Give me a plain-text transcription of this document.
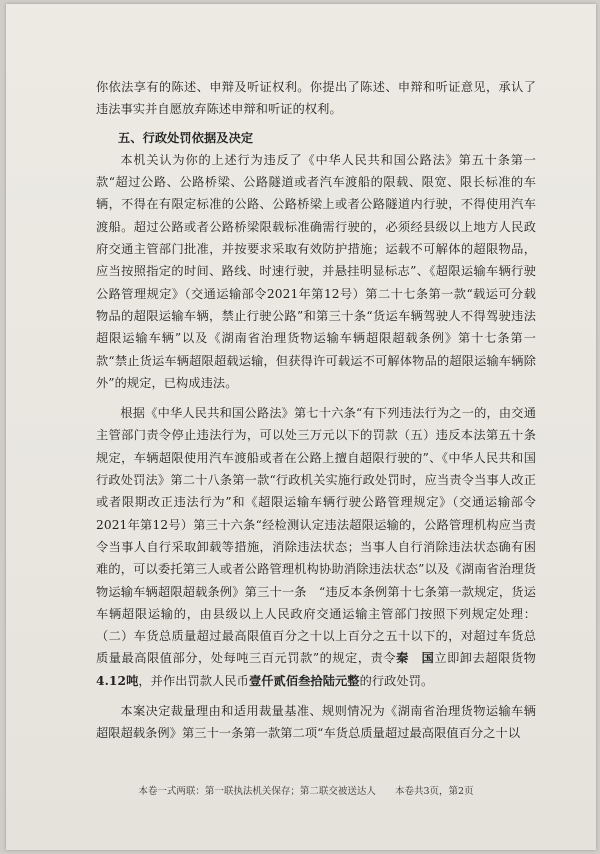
你依法享有的陈述、申辩及听证权利。你提出了陈述、申辩和听证意见，承认了违法事实并自愿放弃陈述申辩和听证的权利。

五、行政处罚依据及决定

本机关认为你的上述行为违反了《中华人民共和国公路法》第五十条第一款“超过公路、公路桥梁、公路隧道或者汽车渡船的限载、限宽、限长标准的车辆，不得在有限定标准的公路、公路桥梁上或者公路隧道内行驶，不得使用汽车渡船。超过公路或者公路桥梁限载标准确需行驶的，必须经县级以上地方人民政府交通主管部门批准，并按要求采取有效防护措施；运载不可解体的超限物品，应当按照指定的时间、路线、时速行驶，并悬挂明显标志”、《超限运输车辆行驶公路管理规定》（交通运输部令2021年第12号）第二十七条第一款“载运可分载物品的超限运输车辆，禁止行驶公路”和第三十条“货运车辆驾驶人不得驾驶违法超限运输车辆”以及《湖南省治理货物运输车辆超限超载条例》第十七条第一款“禁止货运车辆超限超载运输，但获得许可载运不可解体物品的超限运输车辆除外”的规定，已构成违法。

根据《中华人民共和国公路法》第七十六条“有下列违法行为之一的，由交通主管部门责令停止违法行为，可以处三万元以下的罚款（五）违反本法第五十条规定，车辆超限使用汽车渡船或者在公路上擅自超限行驶的”、《中华人民共和国行政处罚法》第二十八条第一款“行政机关实施行政处罚时，应当责令当事人改正或者限期改正违法行为”和《超限运输车辆行驶公路管理规定》（交通运输部令2021年第12号）第三十六条“经检测认定违法超限运输的，公路管理机构应当责令当事人自行采取卸载等措施，消除违法状态；当事人自行消除违法状态确有困难的，可以委托第三人或者公路管理机构协助消除违法状态”以及《湖南省治理货物运输车辆超限超载条例》第三十一条　“违反本条例第十七条第一款规定，货运车辆超限运输的，由县级以上人民政府交通运输主管部门按照下列规定处理：（二）车货总质量超过最高限值百分之十以上百分之五十以下的，对超过车货总质量最高限值部分，处每吨三百元罚款”的规定，责令秦　国立即卸去超限货物4.12吨，并作出罚款人民币壹仟贰佰叁拾陆元整的行政处罚。

本案决定裁量理由和适用裁量基准、规则情况为《湖南省治理货物运输车辆超限超载条例》第三十一条第一款第二项“车货总质量超过最高限值百分之十以

本卷一式两联：第一联执法机关保存；第二联交被送达人 本卷共3页，第2页
